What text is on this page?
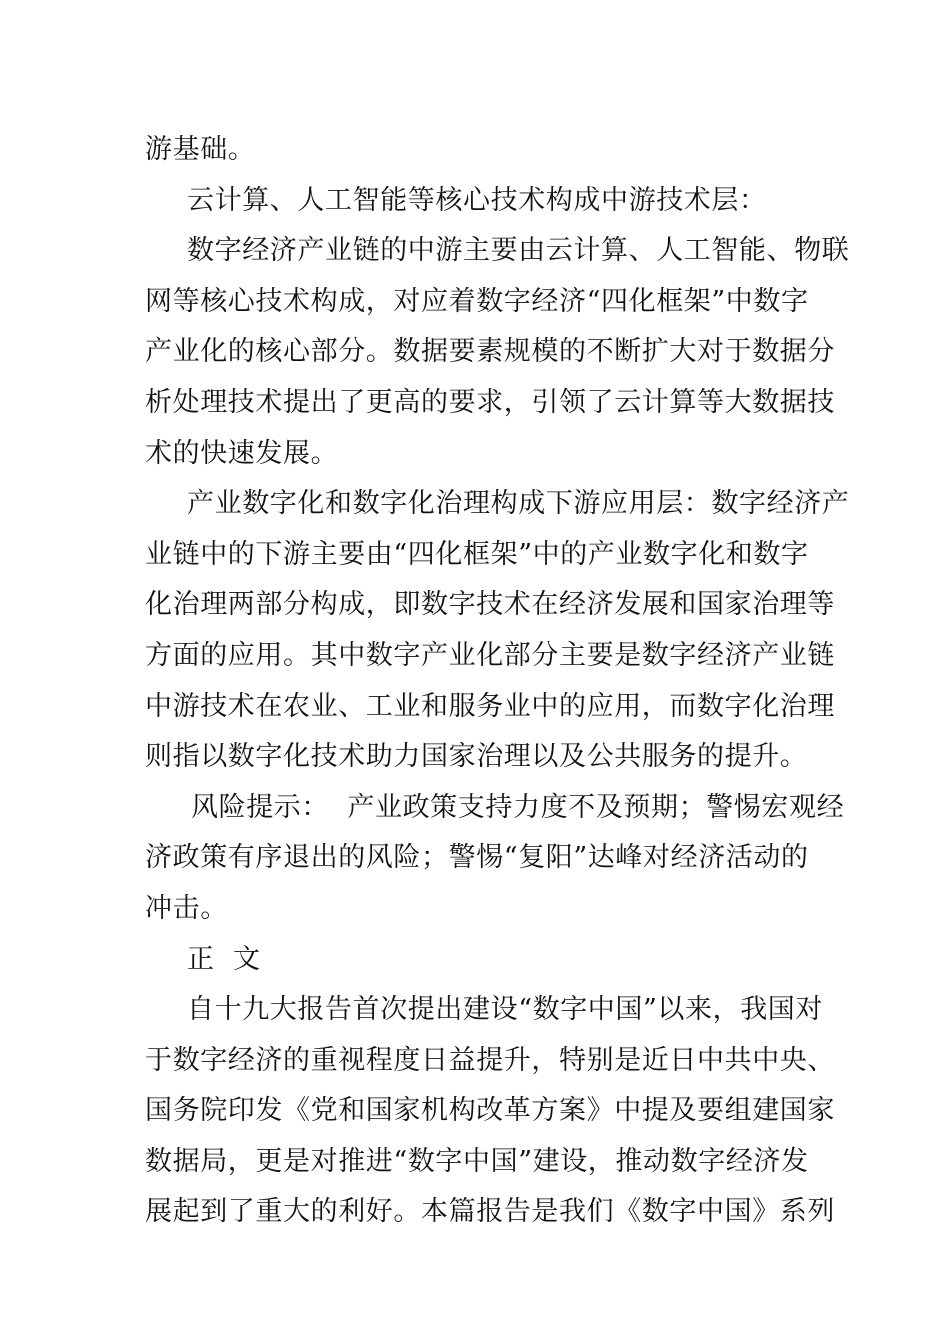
游基础。
云计算、人工智能等核心技术构成中游技术层：
数字经济产业链的中游主要由云计算、人工智能、物联
网等核心技术构成，对应着数字经济“四化框架”中数字
产业化的核心部分。数据要素规模的不断扩大对于数据分
析处理技术提出了更高的要求，引领了云计算等大数据技
术的快速发展。
产业数字化和数字化治理构成下游应用层：数字经济产
业链中的下游主要由“四化框架”中的产业数字化和数字
化治理两部分构成，即数字技术在经济发展和国家治理等
方面的应用。其中数字产业化部分主要是数字经济产业链
中游技术在农业、工业和服务业中的应用，而数字化治理
则指以数字化技术助力国家治理以及公共服务的提升。
风险提示：  产业政策支持力度不及预期；警惕宏观经
济政策有序退出的风险；警惕“复阳”达峰对经济活动的
冲击。
正  文
自十九大报告首次提出建设“数字中国”以来，我国对
于数字经济的重视程度日益提升，特别是近日中共中央、
国务院印发《党和国家机构改革方案》中提及要组建国家
数据局，更是对推进“数字中国”建设，推动数字经济发
展起到了重大的利好。本篇报告是我们《数字中国》系列
